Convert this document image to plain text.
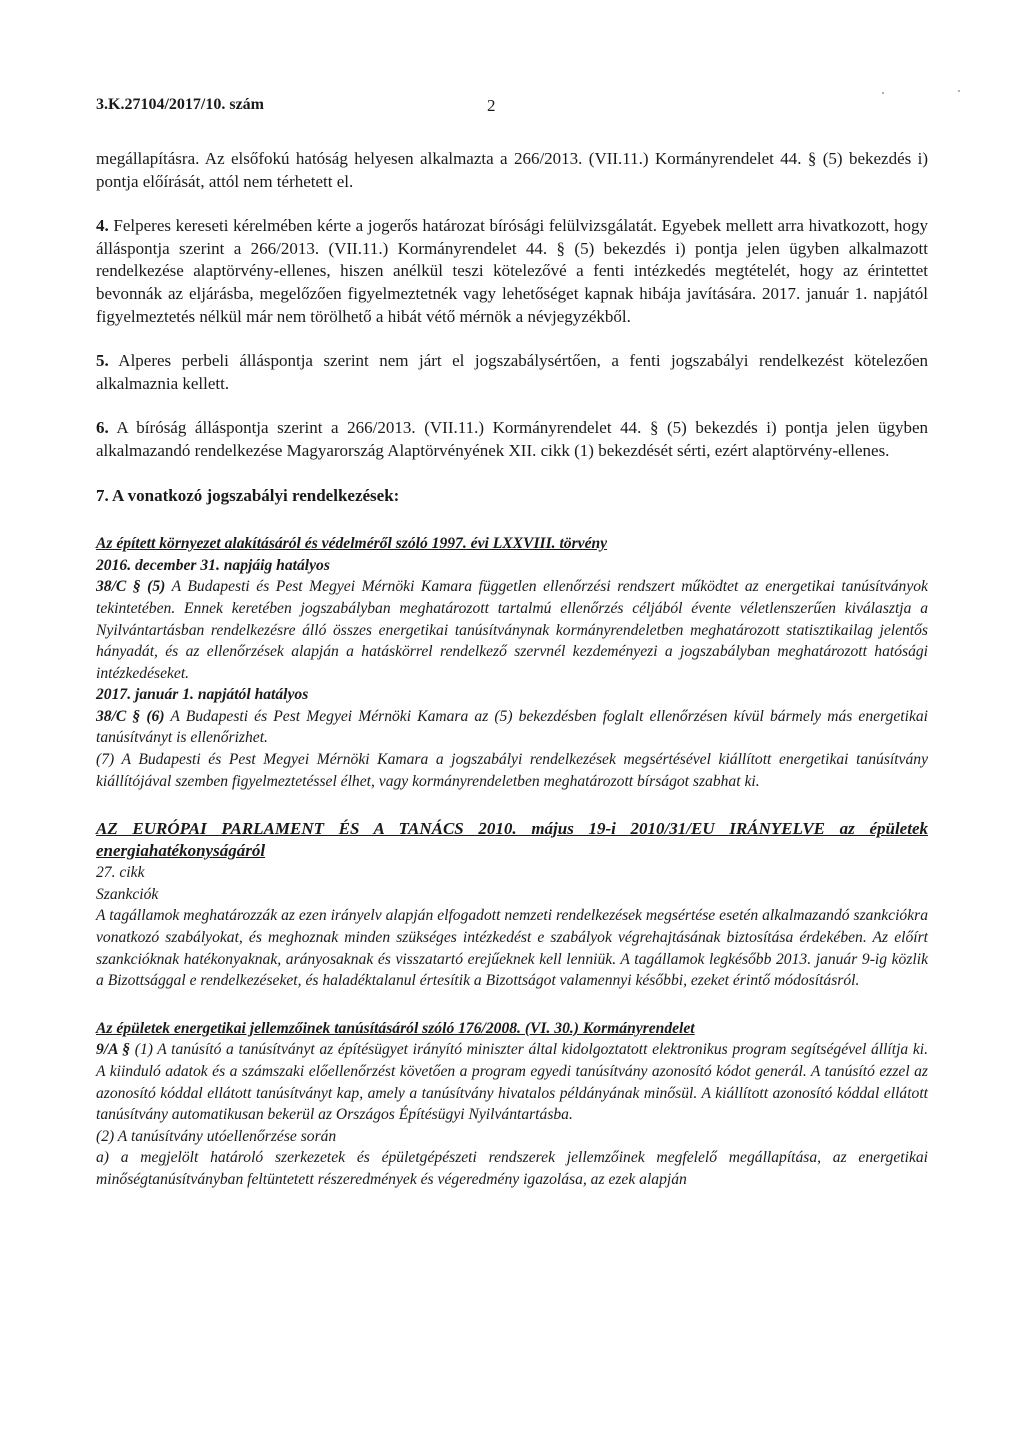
3.K.27104/2017/10. szám	2

megállapításra. Az elsőfokú hatóság helyesen alkalmazta a 266/2013. (VII.11.) Kormányrendelet 44. § (5) bekezdés i) pontja előírását, attól nem térhetett el.

4. Felperes kereseti kérelmében kérte a jogerős határozat bírósági felülvizsgálatát. Egyebek mellett arra hivatkozott, hogy álláspontja szerint a 266/2013. (VII.11.) Kormányrendelet 44. § (5) bekezdés i) pontja jelen ügyben alkalmazott rendelkezése alaptörvény-ellenes, hiszen anélkül teszi kötelezővé a fenti intézkedés megtételét, hogy az érintettet bevonnák az eljárásba, megelőzően figyelmeztetnék vagy lehetőséget kapnak hibája javítására. 2017. január 1. napjától figyelmeztetés nélkül már nem törölhető a hibát vétő mérnök a névjegyzékből.

5. Alperes perbeli álláspontja szerint nem járt el jogszabálysértően, a fenti jogszabályi rendelkezést kötelezően alkalmaznia kellett.

6. A bíróság álláspontja szerint a 266/2013. (VII.11.) Kormányrendelet 44. § (5) bekezdés i) pontja jelen ügyben alkalmazandó rendelkezése Magyarország Alaptörvényének XII. cikk (1) bekezdését sérti, ezért alaptörvény-ellenes.

7. A vonatkozó jogszabályi rendelkezések:

Az épített környezet alakításáról és védelméről szóló 1997. évi LXXVIII. törvény

2016. december 31. napjáig hatályos

38/C § (5) A Budapesti és Pest Megyei Mérnöki Kamara független ellenőrzési rendszert működtet az energetikai tanúsítványok tekintetében. Ennek keretében jogszabályban meghatározott tartalmú ellenőrzés céljából évente véletlenszerűen kiválasztja a Nyilvántartásban rendelkezésre álló összes energetikai tanúsítványnak kormányrendeletben meghatározott statisztikailag jelentős hányadát, és az ellenőrzések alapján a hatáskörrel rendelkező szervnél kezdeményezi a jogszabályban meghatározott hatósági intézkedéseket.

2017. január 1. napjától hatályos

38/C § (6) A Budapesti és Pest Megyei Mérnöki Kamara az (5) bekezdésben foglalt ellenőrzésen kívül bármely más energetikai tanúsítványt is ellenőrizhet.

(7) A Budapesti és Pest Megyei Mérnöki Kamara a jogszabályi rendelkezések megsértésével kiállított energetikai tanúsítvány kiállítójával szemben figyelmeztetéssel élhet, vagy kormányrendeletben meghatározott bírságot szabhat ki.

AZ EURÓPAI PARLAMENT ÉS A TANÁCS 2010. május 19-i 2010/31/EU IRÁNYELVE az épületek energiahatékonyságáról

27. cikk

Szankciók

A tagállamok meghatározzák az ezen irányelv alapján elfogadott nemzeti rendelkezések megsértése esetén alkalmazandó szankciókra vonatkozó szabályokat, és meghoznak minden szükséges intézkedést e szabályok végrehajtásának biztosítása érdekében. Az előírt szankcióknak hatékonyaknak, arányosaknak és visszatartó erejűeknek kell lenniük. A tagállamok legkésőbb 2013. január 9-ig közlik a Bizottsággal e rendelkezéseket, és haladéktalanul értesítik a Bizottságot valamennyi későbbi, ezeket érintő módosításról.

Az épületek energetikai jellemzőinek tanúsításáról szóló 176/2008. (VI. 30.) Kormányrendelet

9/A § (1) A tanúsító a tanúsítványt az építésügyet irányító miniszter által kidolgoztatott elektronikus program segítségével állítja ki. A kiinduló adatok és a számszaki előellenőrzést követően a program egyedi tanúsítvány azonosító kódot generál. A tanúsító ezzel az azonosító kóddal ellátott tanúsítványt kap, amely a tanúsítvány hivatalos példányának minősül. A kiállított azonosító kóddal ellátott tanúsítvány automatikusan bekerül az Országos Építésügyi Nyilvántartásba.

(2) A tanúsítvány utóellenőrzése során

a) a megjelölt határoló szerkezetek és épületgépészeti rendszerek jellemzőinek megfelelő megállapítása, az energetikai minőségtanúsítványban feltüntetett részeredmények és végeredmény igazolása, az ezek alapján
